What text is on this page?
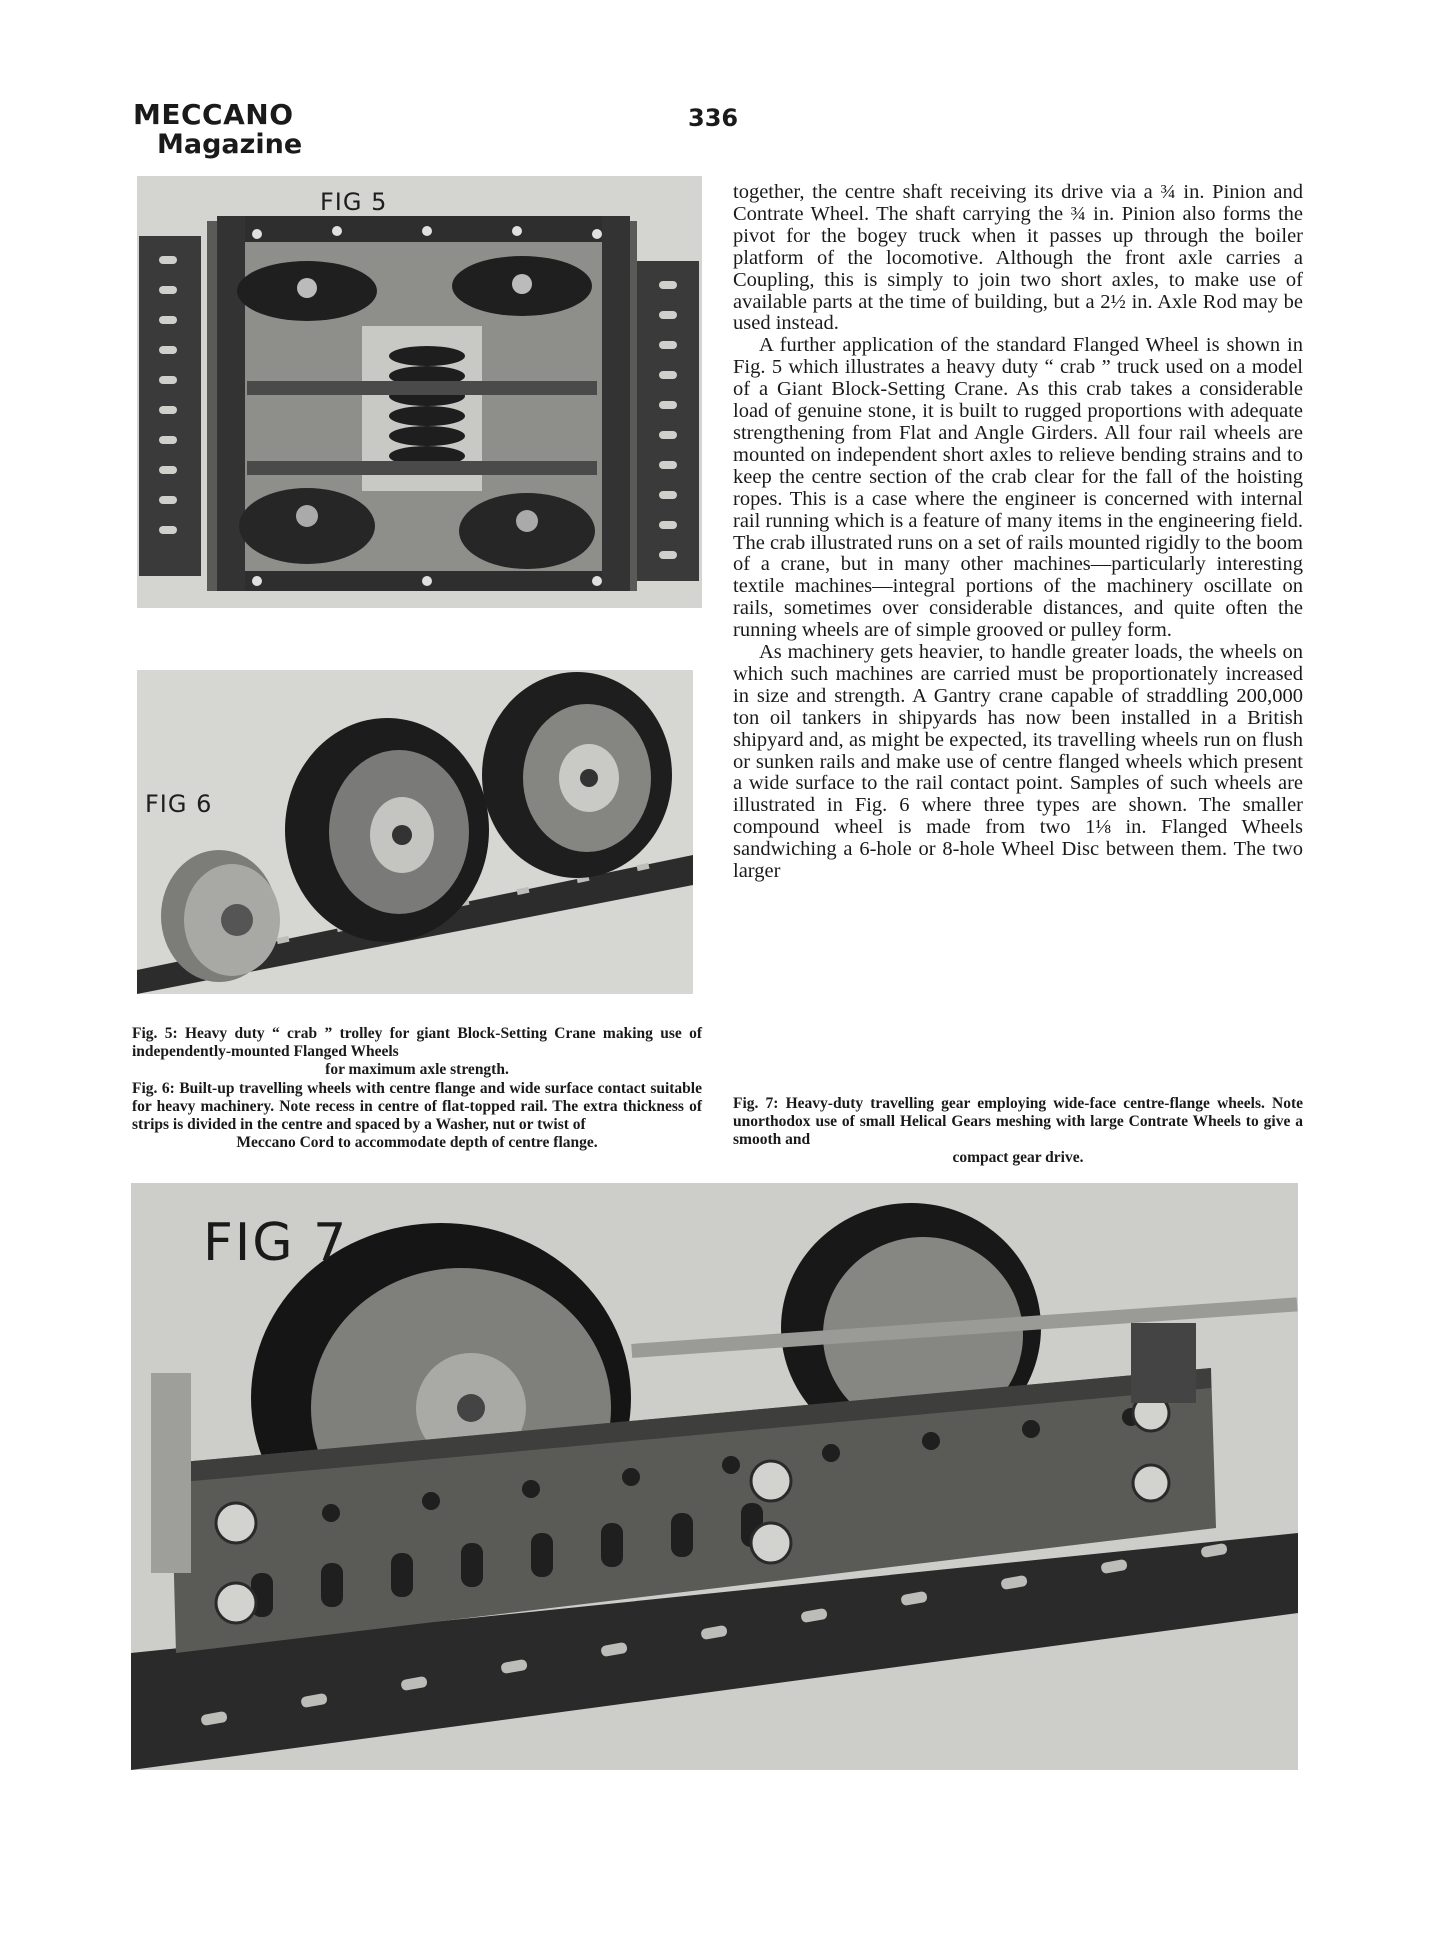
MECCANO
Magazine
336
FIG 5
FIG 6
Fig. 5: Heavy duty “ crab ” trolley for giant Block-Setting Crane making use of independently-mounted Flanged Wheels
for maximum axle strength.
Fig. 6: Built-up travelling wheels with centre flange and wide surface contact suitable for heavy machinery. Note recess in centre of flat-topped rail. The extra thickness of strips is divided in the centre and spaced by a Washer, nut or twist of
Meccano Cord to accommodate depth of centre flange.

together, the centre shaft receiving its drive via a ¾ in. Pinion and Contrate Wheel. The shaft carrying the ¾ in. Pinion also forms the pivot for the bogey truck when it passes up through the boiler platform of the locomotive. Although the front axle carries a Coupling, this is simply to join two short axles, to make use of available parts at the time of building, but a 2½ in. Axle Rod may be used instead.

A further application of the standard Flanged Wheel is shown in Fig. 5 which illustrates a heavy duty “ crab ” truck used on a model of a Giant Block-Setting Crane. As this crab takes a considerable load of genuine stone, it is built to rugged proportions with adequate strengthening from Flat and Angle Girders. All four rail wheels are mounted on independent short axles to relieve bending strains and to keep the centre section of the crab clear for the fall of the hoisting ropes. This is a case where the engineer is concerned with internal rail running which is a feature of many items in the engineering field. The crab illustrated runs on a set of rails mounted rigidly to the boom of a crane, but in many other machines—particularly interesting textile machines—integral portions of the machinery oscillate on rails, sometimes over considerable distances, and quite often the running wheels are of simple grooved or pulley form.

As machinery gets heavier, to handle greater loads, the wheels on which such machines are carried must be proportionately increased in size and strength. A Gantry crane capable of straddling 200,000 ton oil tankers in shipyards has now been installed in a British shipyard and, as might be expected, its travelling wheels run on flush or sunken rails and make use of centre flanged wheels which present a wide surface to the rail contact point. Samples of such wheels are illustrated in Fig. 6 where three types are shown. The smaller compound wheel is made from two 1⅛ in. Flanged Wheels sandwiching a 6-hole or 8-hole Wheel Disc between them. The two larger

Fig. 7: Heavy-duty travelling gear employing wide-face centre-flange wheels. Note unorthodox use of small Helical Gears meshing with large Contrate Wheels to give a smooth and
compact gear drive.
FIG 7
